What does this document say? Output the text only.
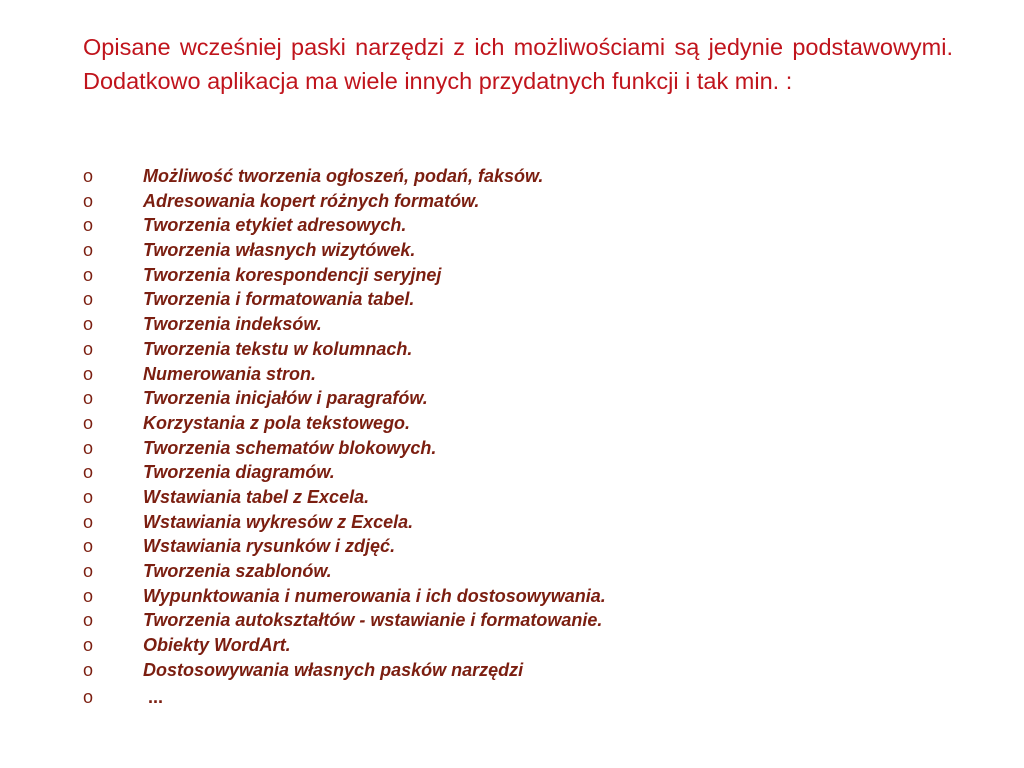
Opisane wcześniej paski narzędzi z ich możliwościami są jedynie podstawowymi. Dodatkowo aplikacja ma wiele innych przydatnych funkcji i tak min. :

o	Możliwość tworzenia ogłoszeń, podań, faksów.
o	Adresowania kopert różnych formatów.
o	Tworzenia etykiet adresowych.
o	Tworzenia własnych wizytówek.
o	Tworzenia korespondencji seryjnej
o	Tworzenia i formatowania tabel.
o	Tworzenia indeksów.
o	Tworzenia tekstu w kolumnach.
o	Numerowania stron.
o	Tworzenia inicjałów i paragrafów.
o	Korzystania z pola tekstowego.
o	Tworzenia schematów blokowych.
o	Tworzenia diagramów.
o	Wstawiania tabel z Excela.
o	Wstawiania wykresów z Excela.
o	Wstawiania rysunków i zdjęć.
o	Tworzenia szablonów.
o	Wypunktowania i numerowania i ich dostosowywania.
o	Tworzenia autokształtów - wstawianie i formatowanie.
o	Obiekty WordArt.
o	Dostosowywania własnych pasków narzędzi
o	...
